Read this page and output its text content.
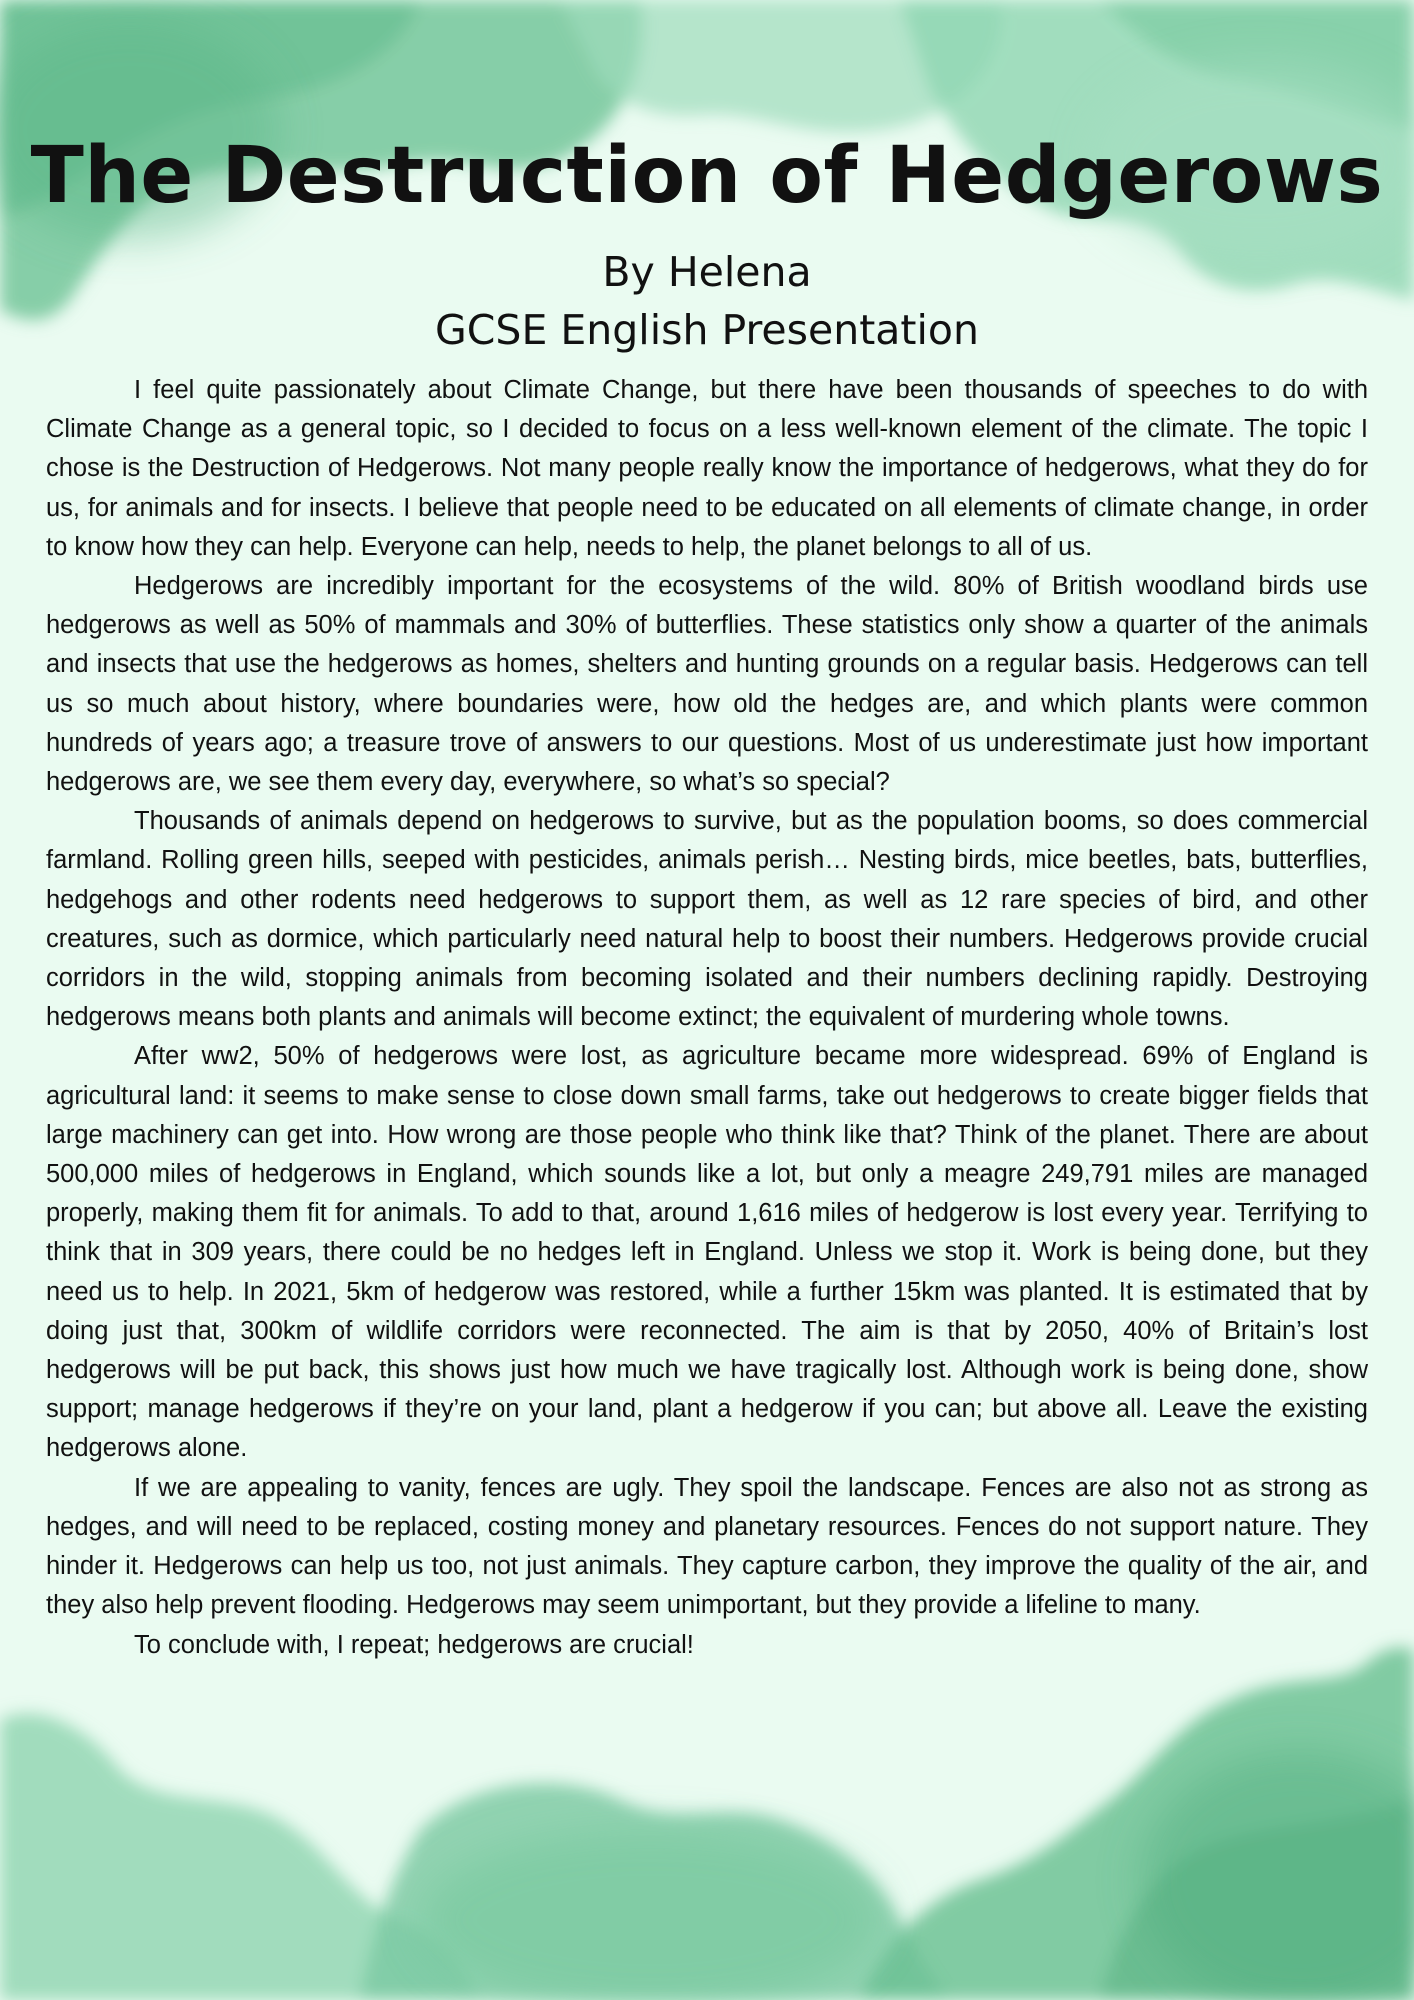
The Destruction of Hedgerows
By Helena
GCSE English Presentation

I feel quite passionately about Climate Change, but there have been thousands of speeches to do with Climate Change as a general topic, so I decided to focus on a less well-known element of the climate. The topic I chose is the Destruction of Hedgerows. Not many people really know the importance of hedgerows, what they do for us, for animals and for insects. I believe that people need to be educated on all elements of climate change, in order to know how they can help. Everyone can help, needs to help, the planet belongs to all of us.

Hedgerows are incredibly important for the ecosystems of the wild. 80% of British woodland birds use hedgerows as well as 50% of mammals and 30% of butterflies. These statistics only show a quarter of the animals and insects that use the hedgerows as homes, shelters and hunting grounds on a regular basis. Hedgerows can tell us so much about history, where boundaries were, how old the hedges are, and which plants were common hundreds of years ago; a treasure trove of answers to our questions. Most of us underestimate just how important hedgerows are, we see them every day, everywhere, so what’s so special?

Thousands of animals depend on hedgerows to survive, but as the population booms, so does commercial farmland. Rolling green hills, seeped with pesticides, animals perish… Nesting birds, mice beetles, bats, butterflies, hedgehogs and other rodents need hedgerows to support them, as well as 12 rare species of bird, and other creatures, such as dormice, which particularly need natural help to boost their numbers. Hedgerows provide crucial corridors in the wild, stopping animals from becoming isolated and their numbers declining rapidly. Destroying hedgerows means both plants and animals will become extinct; the equivalent of murdering whole towns.

After ww2, 50% of hedgerows were lost, as agriculture became more widespread. 69% of England is agricultural land: it seems to make sense to close down small farms, take out hedgerows to create bigger fields that large machinery can get into. How wrong are those people who think like that? Think of the planet. There are about 500,000 miles of hedgerows in England, which sounds like a lot, but only a meagre 249,791 miles are managed properly, making them fit for animals. To add to that, around 1,616 miles of hedgerow is lost every year. Terrifying to think that in 309 years, there could be no hedges left in England. Unless we stop it. Work is being done, but they need us to help. In 2021, 5km of hedgerow was restored, while a further 15km was planted. It is estimated that by doing just that, 300km of wildlife corridors were reconnected. The aim is that by 2050, 40% of Britain’s lost hedgerows will be put back, this shows just how much we have tragically lost. Although work is being done, show support; manage hedgerows if they’re on your land, plant a hedgerow if you can; but above all. Leave the existing hedgerows alone.

If we are appealing to vanity, fences are ugly. They spoil the landscape. Fences are also not as strong as hedges, and will need to be replaced, costing money and planetary resources. Fences do not support nature. They hinder it. Hedgerows can help us too, not just animals. They capture carbon, they improve the quality of the air, and they also help prevent flooding. Hedgerows may seem unimportant, but they provide a lifeline to many.

To conclude with, I repeat; hedgerows are crucial!
